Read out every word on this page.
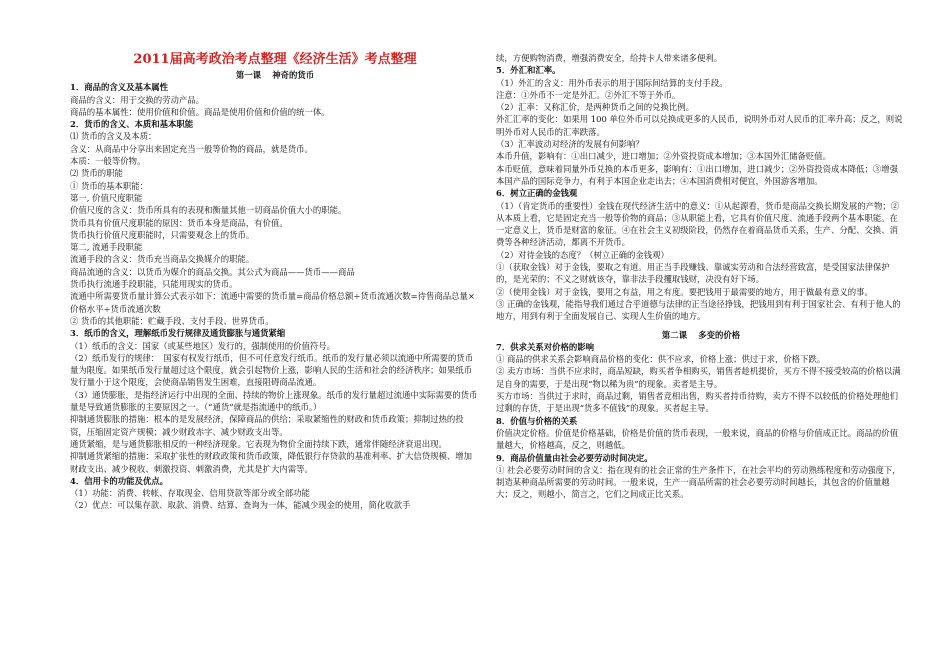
2011届高考政治考点整理《经济生活》考点整理
第一课　 神奇的货币
1．商品的含义及基本属性
商品的含义：用于交换的劳动产品。
商品的基本属性：使用价值和价值。商品是使用价值和价值的统一体。
2．货币的含义、本质和基本职能
⑴ 货币的含义及本质：
含义：从商品中分享出来固定充当一般等价物的商品，就是货币。
本质：一般等价物。
⑵ 货币的职能
① 货币的基本职能：
第一, 价值尺度职能
价值尺度的含义：货币所具有的表现和衡量其他一切商品价值大小的职能。
货币具有价值尺度职能的原因：货币本身是商品，有价值。
货币执行价值尺度职能时，只需要观念上的货币。
第二, 流通手段职能
流通手段的含义：货币充当商品交换媒介的职能。
商品流通的含义：以货币为媒介的商品交换。其公式为商品——货币——商品
货币执行流通手段职能，只能用现实的货币。
流通中所需要货币量计算公式表示如下：流通中需要的货币量=商品价格总额÷货币流通次数=待售商品总量×价格水平÷货币流通次数
② 货币的其他职能：贮藏手段、支付手段、世界货币。
3．纸币的含义，理解纸币发行规律及通货膨胀与通货紧缩
（1）纸币的含义：国家（或某些地区）发行的，强制使用的价值符号。
（2）纸币发行的规律：　国家有权发行纸币，但不可任意发行纸币。纸币的发行量必须以流通中所需要的货币量为限度。如果纸币发行量超过这个限度，就会引起物价上涨，影响人民的生活和社会的经济秩序；如果纸币发行量小于这个限度，会使商品销售发生困难，直接阻碍商品流通。
（3）通货膨胀，是指经济运行中出现的全面、持续的物价上涨现象。纸币的发行量超过流通中实际需要的货币量是导致通货膨胀的主要原因之一。（“通货”就是指流通中的纸币。）
抑制通货膨胀的措施：根本的是发展经济，保障商品的供给；采取紧缩性的财政和货币政策；抑制过热的投资，压缩固定资产规模；减少财政赤字、减少财政支出等。
通货紧缩，是与通货膨胀相反的一种经济现象。它表现为物价全面持续下跌，通常伴随经济衰退出现。
抑制通货紧缩的措施：采取扩张性的财政政策和货币政策，降低银行存贷款的基准利率、扩大信贷规模、增加财政支出、减少税收、刺激投资、刺激消费，尤其是扩大内需等。
4．信用卡的功能及优点。
（1）功能：消费、转帐、存取现金、信用贷款等部分或全部功能
（2）优点：可以集存款、取款、消费、结算、查询为一体，能减少现金的使用，简化收款手
续，方便购物消费，增强消费安全，给持卡人带来诸多便利。
5．外汇和汇率。
（1）外汇的含义：用外币表示的用于国际间结算的支付手段。
注意：①外币不一定是外汇。②外汇不等于外币。
（2）汇率：又称汇价，是两种货币之间的兑换比例。
外汇汇率的变化：如果用 100 单位外币可以兑换成更多的人民币，说明外币对人民币的汇率升高；反之，则说明外币对人民币的汇率跌落。
（3）汇率波动对经济的发展有何影响？
本币升值，影响有：①出口减少，进口增加；②外资投资成本增加；③本国外汇储备贬值。
本币贬值，意味着同量外币兑换的本币更多，影响有：①出口增加，进口减少；②外资投资成本降低；③增强本国产品的国际竞争力，有利于本国企业走出去；④本国消费相对便宜，外国游客增加。
6．树立正确的金钱观
（1）（肯定货币的重要性）金钱在现代经济生活中的意义：①从起源看，货币是商品交换长期发展的产物；②从本质上看，它是固定充当一般等价物的商品；③从职能上看，它具有价值尺度、流通手段两个基本职能。在一定意义上，货币是财富的象征。④在社会主义初级阶段，仍然存在着商品货币关系，生产、分配、交换、消费等各种经济活动，都离不开货币。
（2）对待金钱的态度？（树立正确的金钱观）
①（获取金钱）对于金钱，要取之有道。用正当手段赚钱、靠诚实劳动和合法经营致富，是受国家法律保护的，是光荣的；不义之财就该夺，靠非法手段攫取钱财，决没有好下场。
②（使用金钱）对于金钱，要用之有益，用之有度。要把钱用于最需要的地方，用于做最有意义的事。
③ 正确的金钱观，能指导我们通过合乎道德与法律的正当途径挣钱，把钱用到有利于国家社会、有利于他人的地方，用到有利于全面发展自己、实现人生价值的地方。
第二课　 多变的价格
7．供求关系对价格的影响
① 商品的供求关系会影响商品价格的变化：供不应求，价格上涨；供过于求，价格下跌。
② 卖方市场：当供不应求时，商品短缺，购买者争相购买，销售者趁机提价，买方不得不接受较高的价格以满足自身的需要，于是出现“物以稀为贵”的现象。卖者是主导。
买方市场：当供过于求时，商品过剩，销售者竞相出售，购买者持币待购，卖方不得不以较低的价格处理他们过剩的存货，于是出现“货多不值钱”的现象。买者起主导。
8．价值与价格的关系
价值决定价格。价值是价格基础，价格是价值的货币表现，一般来说，商品的价格与价值成正比。商品的价值量越大，价格越高，反之，则越低。
9．商品价值量由社会必要劳动时间决定。
① 社会必要劳动时间的含义：指在现有的社会正常的生产条件下，在社会平均的劳动熟练程度和劳动强度下，制造某种商品所需要的劳动时间。一般来说，生产一商品所需的社会必要劳动时间越长，其包含的价值量越大；反之，则越小，简言之，它们之间成正比关系。
